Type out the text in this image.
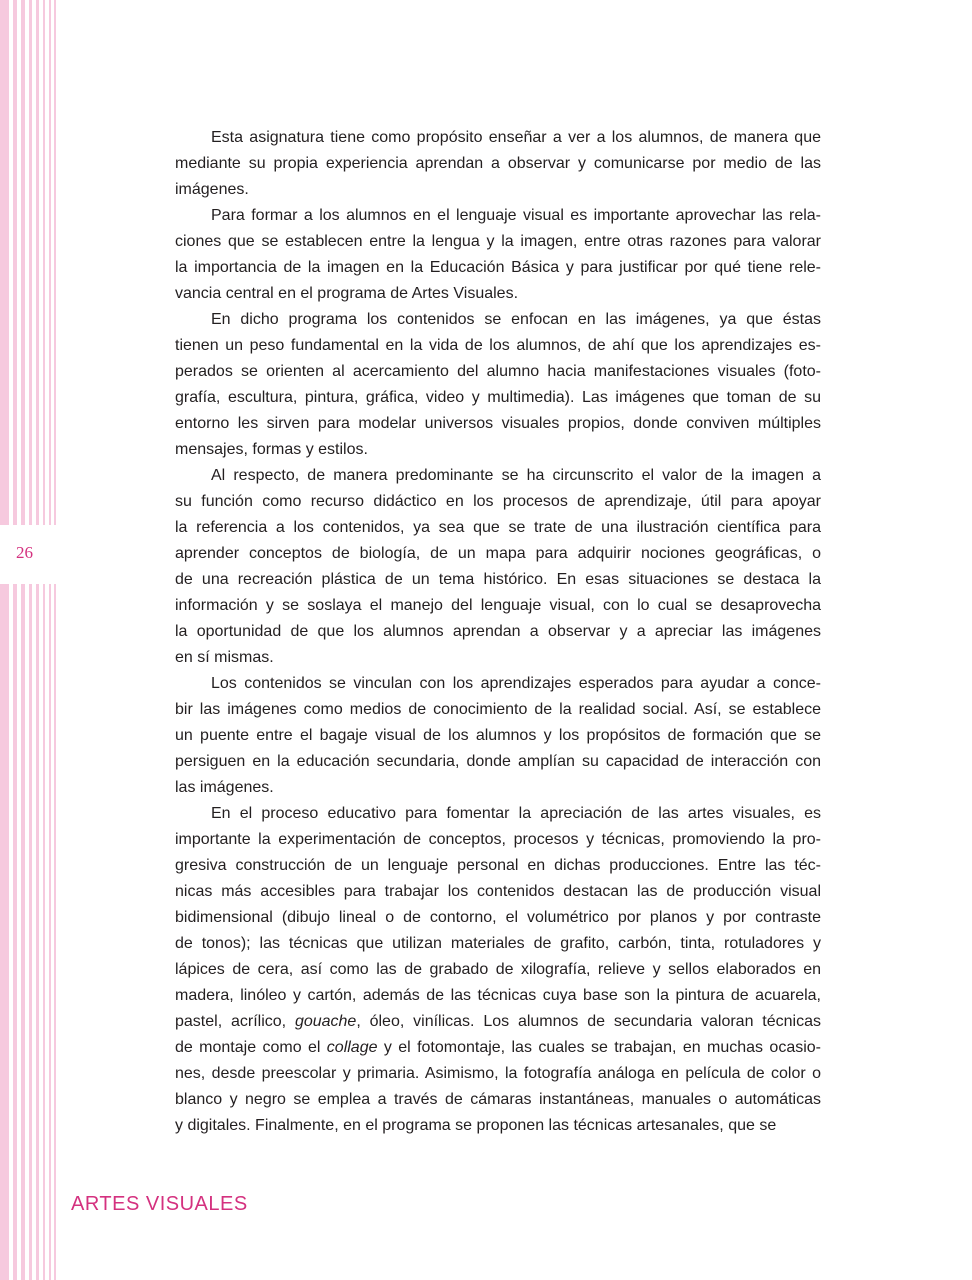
26
Esta asignatura tiene como propósito enseñar a ver a los alumnos, de manera que
mediante su propia experiencia aprendan a observar y comunicarse por medio de las
imágenes.
Para formar a los alumnos en el lenguaje visual es importante aprovechar las rela-
ciones que se establecen entre la lengua y la imagen, entre otras razones para valorar
la importancia de la imagen en la Educación Básica y para justificar por qué tiene rele-
vancia central en el programa de Artes Visuales.
En dicho programa los contenidos se enfocan en las imágenes, ya que éstas
tienen un peso fundamental en la vida de los alumnos, de ahí que los aprendizajes es-
perados se orienten al acercamiento del alumno hacia manifestaciones visuales (foto-
grafía, escultura, pintura, gráfica, video y multimedia). Las imágenes que toman de su
entorno les sirven para modelar universos visuales propios, donde conviven múltiples
mensajes, formas y estilos.
Al respecto, de manera predominante se ha circunscrito el valor de la imagen a
su función como recurso didáctico en los procesos de aprendizaje, útil para apoyar
la referencia a los contenidos, ya sea que se trate de una ilustración científica para
aprender conceptos de biología, de un mapa para adquirir nociones geográficas, o
de una recreación plástica de un tema histórico. En esas situaciones se destaca la
información y se soslaya el manejo del lenguaje visual, con lo cual se desaprovecha
la oportunidad de que los alumnos aprendan a observar y a apreciar las imágenes
en sí mismas.
Los contenidos se vinculan con los aprendizajes esperados para ayudar a conce-
bir las imágenes como medios de conocimiento de la realidad social. Así, se establece
un puente entre el bagaje visual de los alumnos y los propósitos de formación que se
persiguen en la educación secundaria, donde amplían su capacidad de interacción con
las imágenes.
En el proceso educativo para fomentar la apreciación de las artes visuales, es
importante la experimentación de conceptos, procesos y técnicas, promoviendo la pro-
gresiva construcción de un lenguaje personal en dichas producciones. Entre las téc-
nicas más accesibles para trabajar los contenidos destacan las de producción visual
bidimensional (dibujo lineal o de contorno, el volumétrico por planos y por contraste
de tonos); las técnicas que utilizan materiales de grafito, carbón, tinta, rotuladores y
lápices de cera, así como las de grabado de xilografía, relieve y sellos elaborados en
madera, linóleo y cartón, además de las técnicas cuya base son la pintura de acuarela,
pastel, acrílico, gouache, óleo, vinílicas. Los alumnos de secundaria valoran técnicas
de montaje como el collage y el fotomontaje, las cuales se trabajan, en muchas ocasio-
nes, desde preescolar y primaria. Asimismo, la fotografía análoga en película de color o
blanco y negro se emplea a través de cámaras instantáneas, manuales o automáticas
y digitales. Finalmente, en el programa se proponen las técnicas artesanales, que se
ARTES VISUALES
